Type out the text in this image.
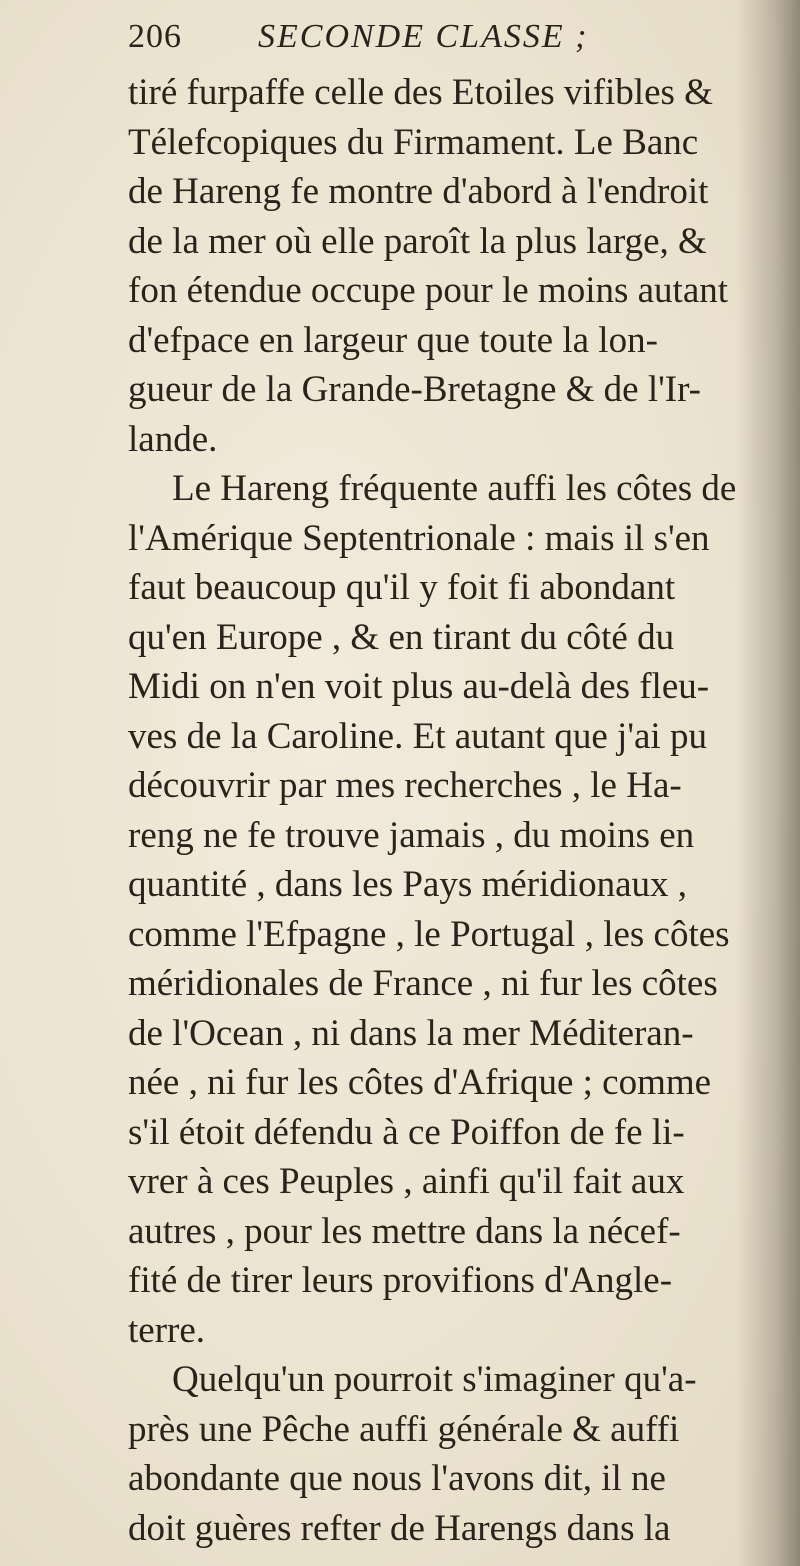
206 SECONDE CLASSE ;
tiré furpaffe celle des Etoiles vifibles &
Télefcopiques du Firmament. Le Banc
de Hareng fe montre d'abord à l'endroit
de la mer où elle paroît la plus large, &
fon étendue occupe pour le moins autant
d'efpace en largeur que toute la lon-
gueur de la Grande-Bretagne & de l'Ir-
lande.
Le Hareng fréquente auffi les côtes de
l'Amérique Septentrionale : mais il s'en
faut beaucoup qu'il y foit fi abondant
qu'en Europe , & en tirant du côté du
Midi on n'en voit plus au-delà des fleu-
ves de la Caroline. Et autant que j'ai pu
découvrir par mes recherches , le Ha-
reng ne fe trouve jamais , du moins en
quantité , dans les Pays méridionaux ,
comme l'Efpagne , le Portugal , les côtes
méridionales de France , ni fur les côtes
de l'Ocean , ni dans la mer Méditeran-
née , ni fur les côtes d'Afrique ; comme
s'il étoit défendu à ce Poiffon de fe li-
vrer à ces Peuples , ainfi qu'il fait aux
autres , pour les mettre dans la nécef-
fité de tirer leurs provifions d'Angle-
terre.
Quelqu'un pourroit s'imaginer qu'a-
près une Pêche auffi générale & auffi
abondante que nous l'avons dit, il ne
doit guères refter de Harengs dans la
